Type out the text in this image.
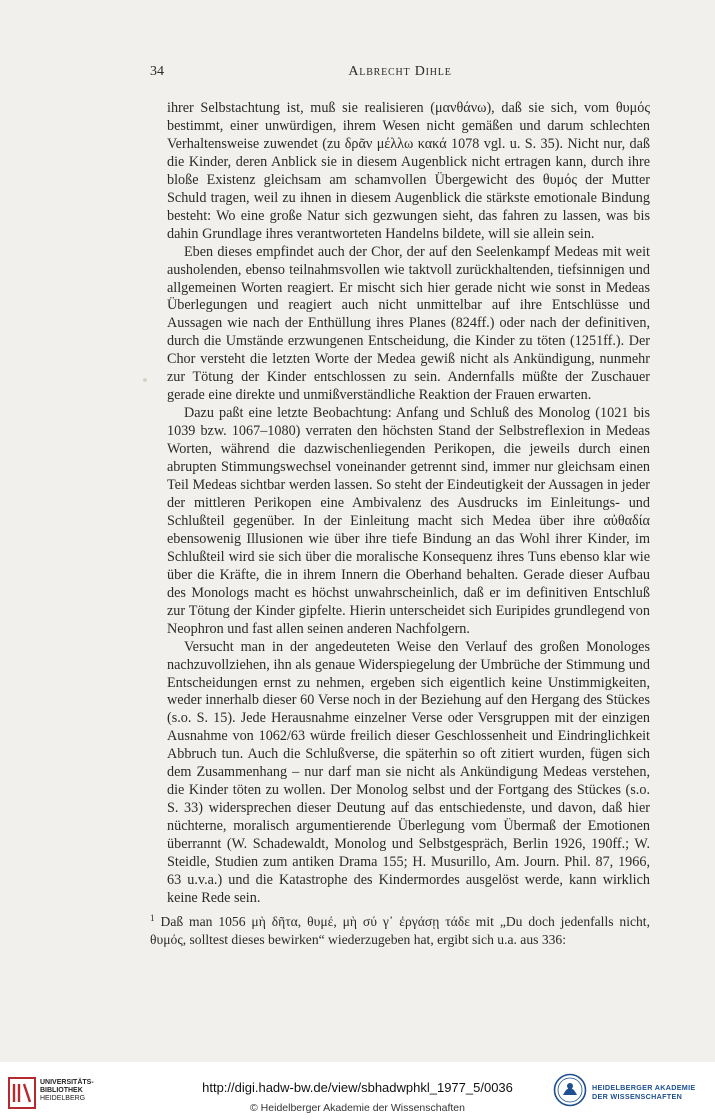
34	Albrecht Dihle

ihrer Selbstachtung ist, muß sie realisieren (μανθάνω), daß sie sich, vom θυμός bestimmt, einer unwürdigen, ihrem Wesen nicht gemäßen und darum schlechten Verhaltensweise zuwendet (zu δρᾶν μέλλω κακά 1078 vgl. u. S. 35). Nicht nur, daß die Kinder, deren Anblick sie in diesem Augenblick nicht ertragen kann, durch ihre bloße Existenz gleichsam am schamvollen Übergewicht des θυμός der Mutter Schuld tragen, weil zu ihnen in diesem Augenblick die stärkste emotionale Bindung besteht: Wo eine große Natur sich gezwungen sieht, das fahren zu lassen, was bis dahin Grundlage ihres verantworteten Handelns bildete, will sie allein sein.

Eben dieses empfindet auch der Chor, der auf den Seelenkampf Medeas mit weit ausholenden, ebenso teilnahmsvollen wie taktvoll zurückhaltenden, tiefsinnigen und allgemeinen Worten reagiert. Er mischt sich hier gerade nicht wie sonst in Medeas Überlegungen und reagiert auch nicht unmittelbar auf ihre Entschlüsse und Aussagen wie nach der Enthüllung ihres Planes (824ff.) oder nach der definitiven, durch die Umstände erzwungenen Entscheidung, die Kinder zu töten (1251ff.). Der Chor versteht die letzten Worte der Medea gewiß nicht als Ankündigung, nunmehr zur Tötung der Kinder entschlossen zu sein. Andernfalls müßte der Zuschauer gerade eine direkte und unmißverständliche Reaktion der Frauen erwarten.

Dazu paßt eine letzte Beobachtung: Anfang und Schluß des Monolog (1021 bis 1039 bzw. 1067–1080) verraten den höchsten Stand der Selbstreflexion in Medeas Worten, während die dazwischenliegenden Perikopen, die jeweils durch einen abrupten Stimmungswechsel voneinander getrennt sind, immer nur gleichsam einen Teil Medeas sichtbar werden lassen. So steht der Eindeutigkeit der Aussagen in jeder der mittleren Perikopen eine Ambivalenz des Ausdrucks im Einleitungs- und Schlußteil gegenüber. In der Einleitung macht sich Medea über ihre αὐθαδία ebensowenig Illusionen wie über ihre tiefe Bindung an das Wohl ihrer Kinder, im Schlußteil wird sie sich über die moralische Konsequenz ihres Tuns ebenso klar wie über die Kräfte, die in ihrem Innern die Oberhand behalten. Gerade dieser Aufbau des Monologs macht es höchst unwahrscheinlich, daß er im definitiven Entschluß zur Tötung der Kinder gipfelte. Hierin unterscheidet sich Euripides grundlegend von Neophron und fast allen seinen anderen Nachfolgern.

Versucht man in der angedeuteten Weise den Verlauf des großen Monologes nachzuvollziehen, ihn als genaue Widerspiegelung der Umbrüche der Stimmung und Entscheidungen ernst zu nehmen, ergeben sich eigentlich keine Unstimmigkeiten, weder innerhalb dieser 60 Verse noch in der Beziehung auf den Hergang des Stückes (s.o. S. 15). Jede Herausnahme einzelner Verse oder Versgruppen mit der einzigen Ausnahme von 1062/63 würde freilich dieser Geschlossenheit und Eindringlichkeit Abbruch tun. Auch die Schlußverse, die späterhin so oft zitiert wurden, fügen sich dem Zusammenhang – nur darf man sie nicht als Ankündigung Medeas verstehen, die Kinder töten zu wollen. Der Monolog selbst und der Fortgang des Stückes (s.o. S. 33) widersprechen dieser Deutung auf das entschiedenste, und davon, daß hier nüchterne, moralisch argumentierende Überlegung vom Übermaß der Emotionen überrannt (W. Schadewaldt, Monolog und Selbstgespräch, Berlin 1926, 190ff.; W. Steidle, Studien zum antiken Drama 155; H. Musurillo, Am. Journ. Phil. 87, 1966, 63 u.v.a.) und die Katastrophe des Kindermordes ausgelöst werde, kann wirklich keine Rede sein.

$^1$ Daß man 1056 μὴ δῆτα, θυμέ, μὴ σύ γ᾽ ἐργάσῃ τάδε mit „Du doch jedenfalls nicht, θυμός, solltest dieses bewirken“ wiederzugeben hat, ergibt sich u.a. aus 336:
UNIVERSITÄTS-
BIBLIOTHEK
HEIDELBERG
http://digi.hadw-bw.de/view/sbhadwphkl_1977_5/0036
© Heidelberger Akademie der Wissenschaften
HEIDELBERGER AKADEMIE
DER WISSENSCHAFTEN
